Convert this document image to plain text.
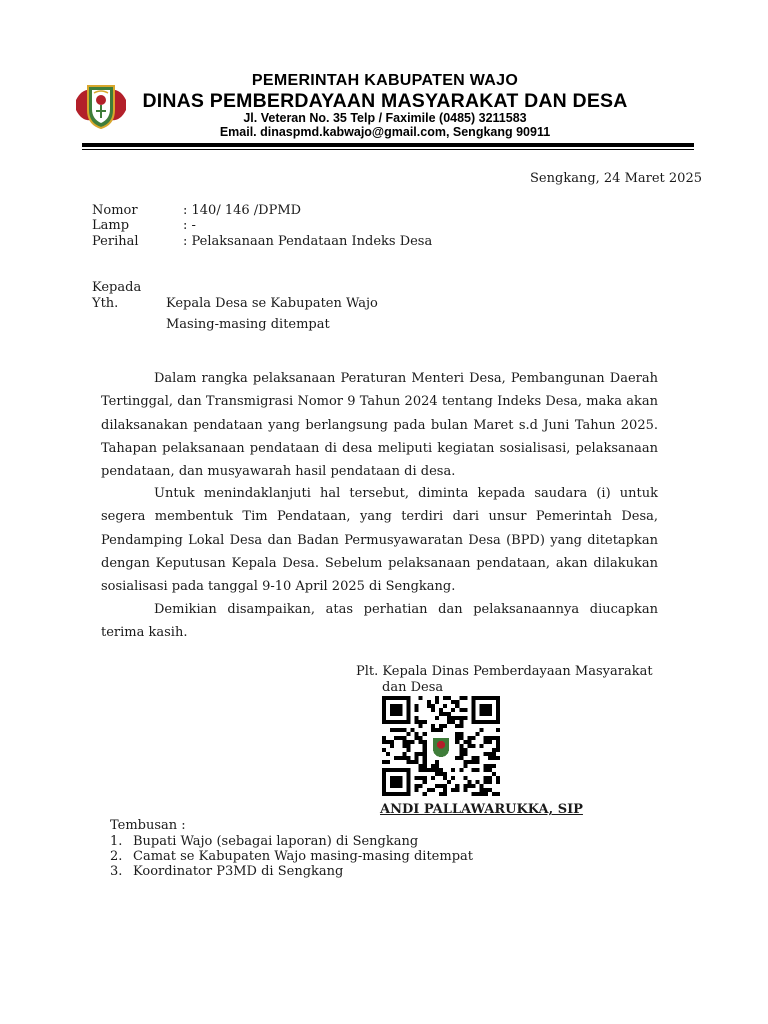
PEMERINTAH KABUPATEN WAJO
DINAS PEMBERDAYAAN MASYARAKAT DAN DESA
Jl. Veteran No. 35 Telp / Faximile (0485) 3211583
Email. dinaspmd.kabwajo@gmail.com, Sengkang 90911
Sengkang, 24 Maret 2025
Nomor	: 140/ 146 /DPMD
Lamp	: -
Perihal	: Pelaksanaan Pendataan Indeks Desa
Kepada
Yth.	Kepala Desa se Kabupaten Wajo
Masing-masing ditempat

Dalam rangka pelaksanaan Peraturan Menteri Desa, Pembangunan Daerah Tertinggal, dan Transmigrasi Nomor 9 Tahun 2024 tentang Indeks Desa, maka akan dilaksanakan pendataan yang berlangsung pada bulan Maret s.d Juni Tahun 2025. Tahapan pelaksanaan pendataan di desa meliputi kegiatan sosialisasi, pelaksanaan pendataan, dan musyawarah hasil pendataan di desa.

Untuk menindaklanjuti hal tersebut, diminta kepada saudara (i) untuk segera membentuk Tim Pendataan, yang terdiri dari unsur Pemerintah Desa, Pendamping Lokal Desa dan Badan Permusyawaratan Desa (BPD) yang ditetapkan dengan Keputusan Kepala Desa. Sebelum pelaksanaan pendataan, akan dilakukan sosialisasi pada tanggal 9-10 April 2025 di Sengkang.

Demikian disampaikan, atas perhatian dan pelaksanaannya diucapkan terima kasih.

Plt. Kepala Dinas Pemberdayaan Masyarakat
dan Desa
ANDI PALLAWARUKKA, SIP
Tembusan :
1. Bupati Wajo (sebagai laporan) di Sengkang
2. Camat se Kabupaten Wajo masing-masing ditempat
3. Koordinator P3MD di Sengkang
